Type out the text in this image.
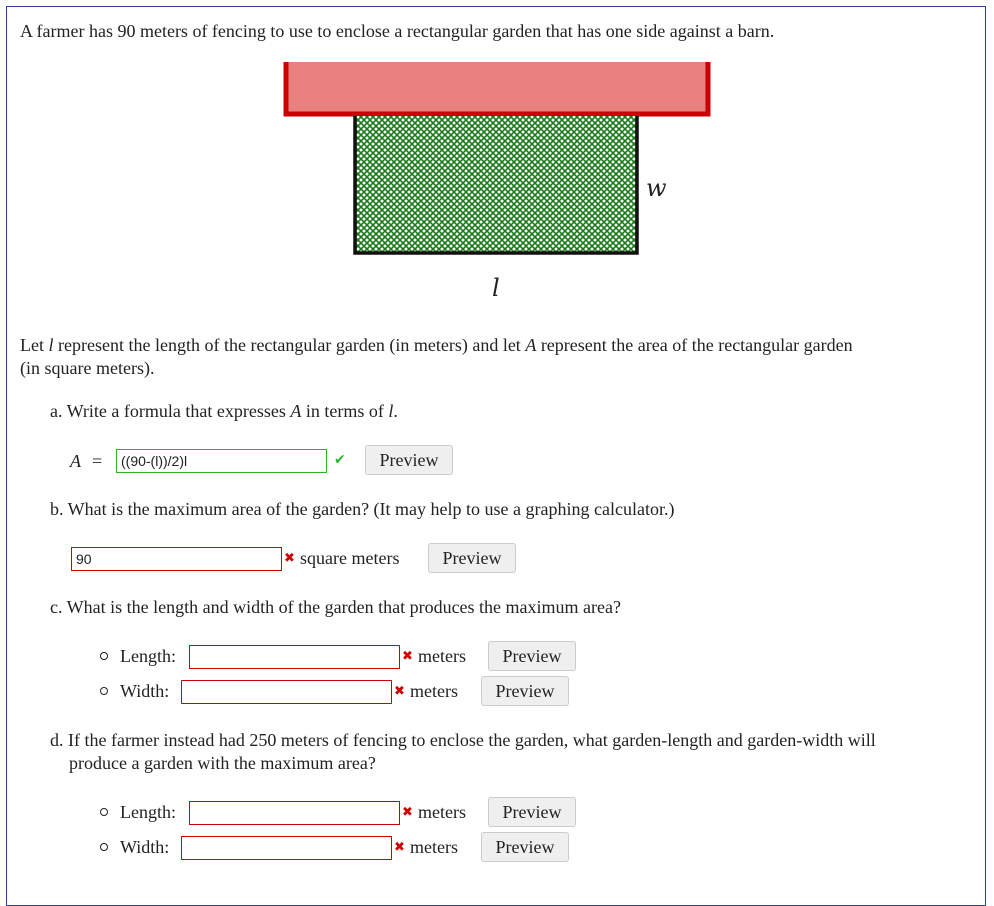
A farmer has 90 meters of fencing to use to enclose a rectangular garden that has one side against a barn.
w
l
Let l represent the length of the rectangular garden (in meters) and let A represent the area of the rectangular garden
(in square meters).
a. Write a formula that expresses A in terms of l.
A =	((90-(l))/2)l	✔	Preview
b. What is the maximum area of the garden? (It may help to use a graphing calculator.)
90	✖ square meters	Preview
c. What is the length and width of the garden that produces the maximum area?
Length:	✖ meters	Preview
Width:	✖ meters	Preview
d. If the farmer instead had 250 meters of fencing to enclose the garden, what garden-length and garden-width will
produce a garden with the maximum area?
Length:	✖ meters	Preview
Width:	✖ meters	Preview
